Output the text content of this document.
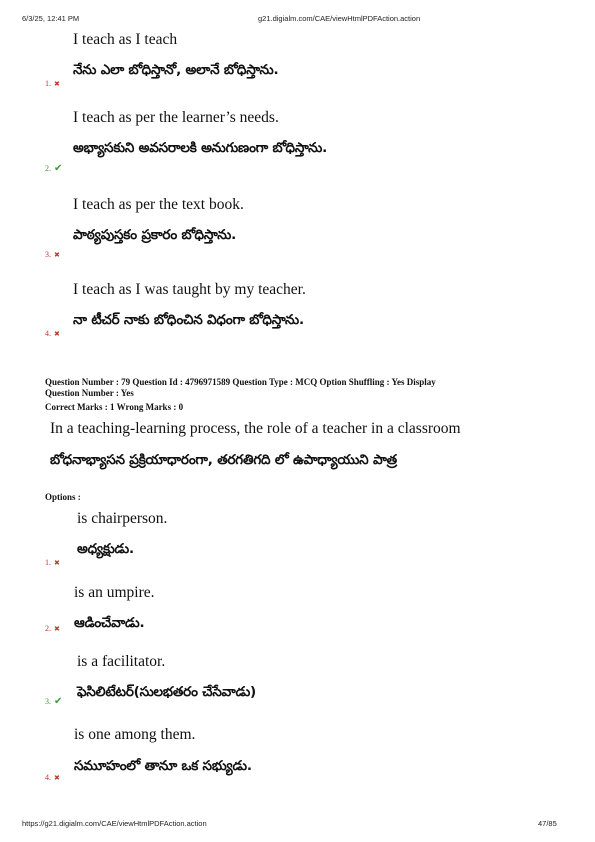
6/3/25, 12:41 PM	g21.digialm.com/CAE/viewHtmlPDFAction.action
I teach as I teach
నేను ఎలా బోధిస్తానో, అలానే బోధిస్తాను.
1. ✖
I teach as per the learner’s needs.
అభ్యాసకుని అవసరాలకి అనుగుణంగా బోధిస్తాను.
2. ✔
I teach as per the text book.
పాఠ్యపుస్తకం ప్రకారం బోధిస్తాను.
3. ✖
I teach as I was taught by my teacher.
నా టీచర్ నాకు బోధించిన విధంగా బోధిస్తాను.
4. ✖
Question Number : 79 Question Id : 4796971589 Question Type : MCQ Option Shuffling : Yes Display
Question Number : Yes
Correct Marks : 1 Wrong Marks : 0
In a teaching-learning process, the role of a teacher in a classroom
బోధనాభ్యాసన ప్రక్రియాధారంగా, తరగతిగది లో ఉపాధ్యాయుని పాత్ర
Options :
is chairperson.
అధ్యక్షుడు.
1. ✖
is an umpire.
ఆడించేవాడు.
2. ✖
is a facilitator.
ఫెసిలిటేటర్(సులభతరం చేసేవాడు)
3. ✔
is one among them.
సమూహంలో తానూ ఒక సభ్యుడు.
4. ✖
https://g21.digialm.com/CAE/viewHtmlPDFAction.action	47/85
